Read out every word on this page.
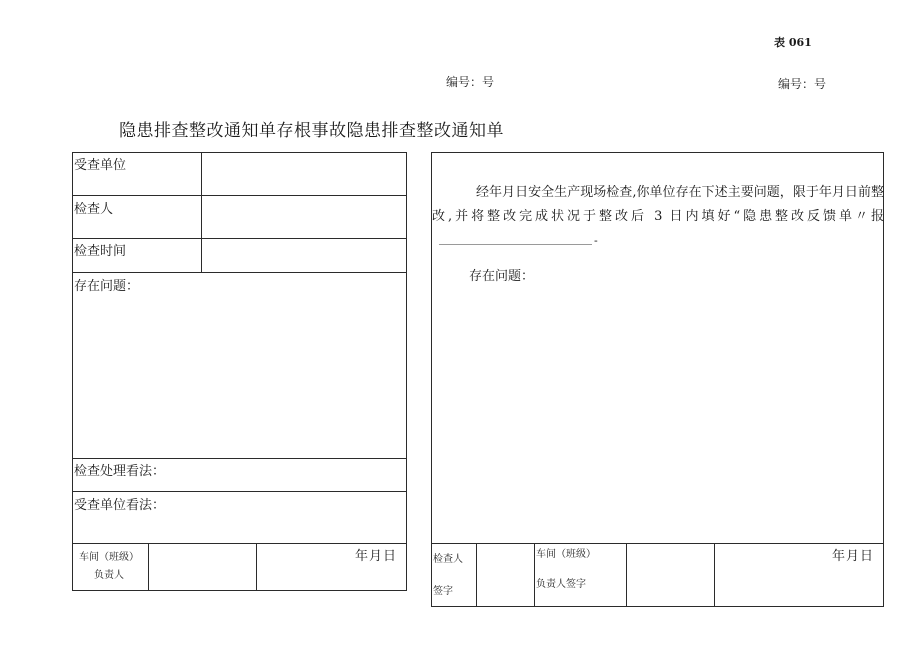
表 061
编号：号	编号：号
隐患排查整改通知单存根事故隐患排查整改通知单
受查单位
检查人
检查时间
存在问题：
检查处理看法：
受查单位看法：
车间（班级）
负责人
年月日
经年月日安全生产现场检查,你单位存在下述主要问题，限于年月日前整改,并将整改完成状况于整改后 3 日内填好“隐患整改反馈单〃报
-
存在问题：
检查人
签字
车间（班级）
负责人签字
年月日
